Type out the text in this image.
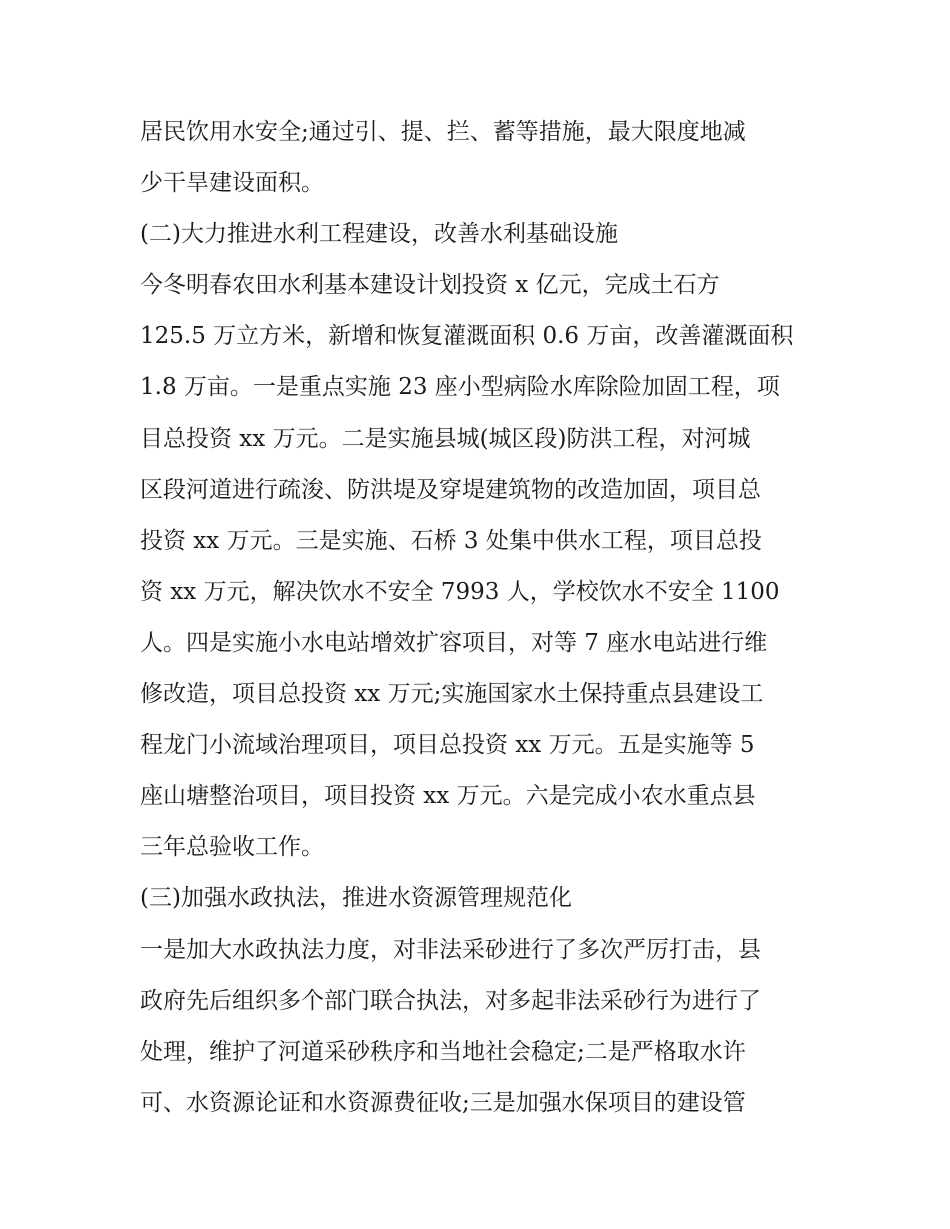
居民饮用水安全;通过引、提、拦、蓄等措施，最大限度地减
少干旱建设面积。
(二)大力推进水利工程建设，改善水利基础设施
今冬明春农田水利基本建设计划投资 x 亿元，完成土石方
125.5 万立方米，新增和恢复灌溉面积 0.6 万亩，改善灌溉面积
1.8 万亩。一是重点实施 23 座小型病险水库除险加固工程，项
目总投资 xx 万元。二是实施县城(城区段)防洪工程，对河城
区段河道进行疏浚、防洪堤及穿堤建筑物的改造加固，项目总
投资 xx 万元。三是实施、石桥 3 处集中供水工程，项目总投
资 xx 万元，解决饮水不安全 7993 人，学校饮水不安全 1100
人。四是实施小水电站增效扩容项目，对等 7 座水电站进行维
修改造，项目总投资 xx 万元;实施国家水土保持重点县建设工
程龙门小流域治理项目，项目总投资 xx 万元。五是实施等 5
座山塘整治项目，项目投资 xx 万元。六是完成小农水重点县
三年总验收工作。
(三)加强水政执法，推进水资源管理规范化
一是加大水政执法力度，对非法采砂进行了多次严厉打击，县
政府先后组织多个部门联合执法，对多起非法采砂行为进行了
处理，维护了河道采砂秩序和当地社会稳定;二是严格取水许
可、水资源论证和水资源费征收;三是加强水保项目的建设管
